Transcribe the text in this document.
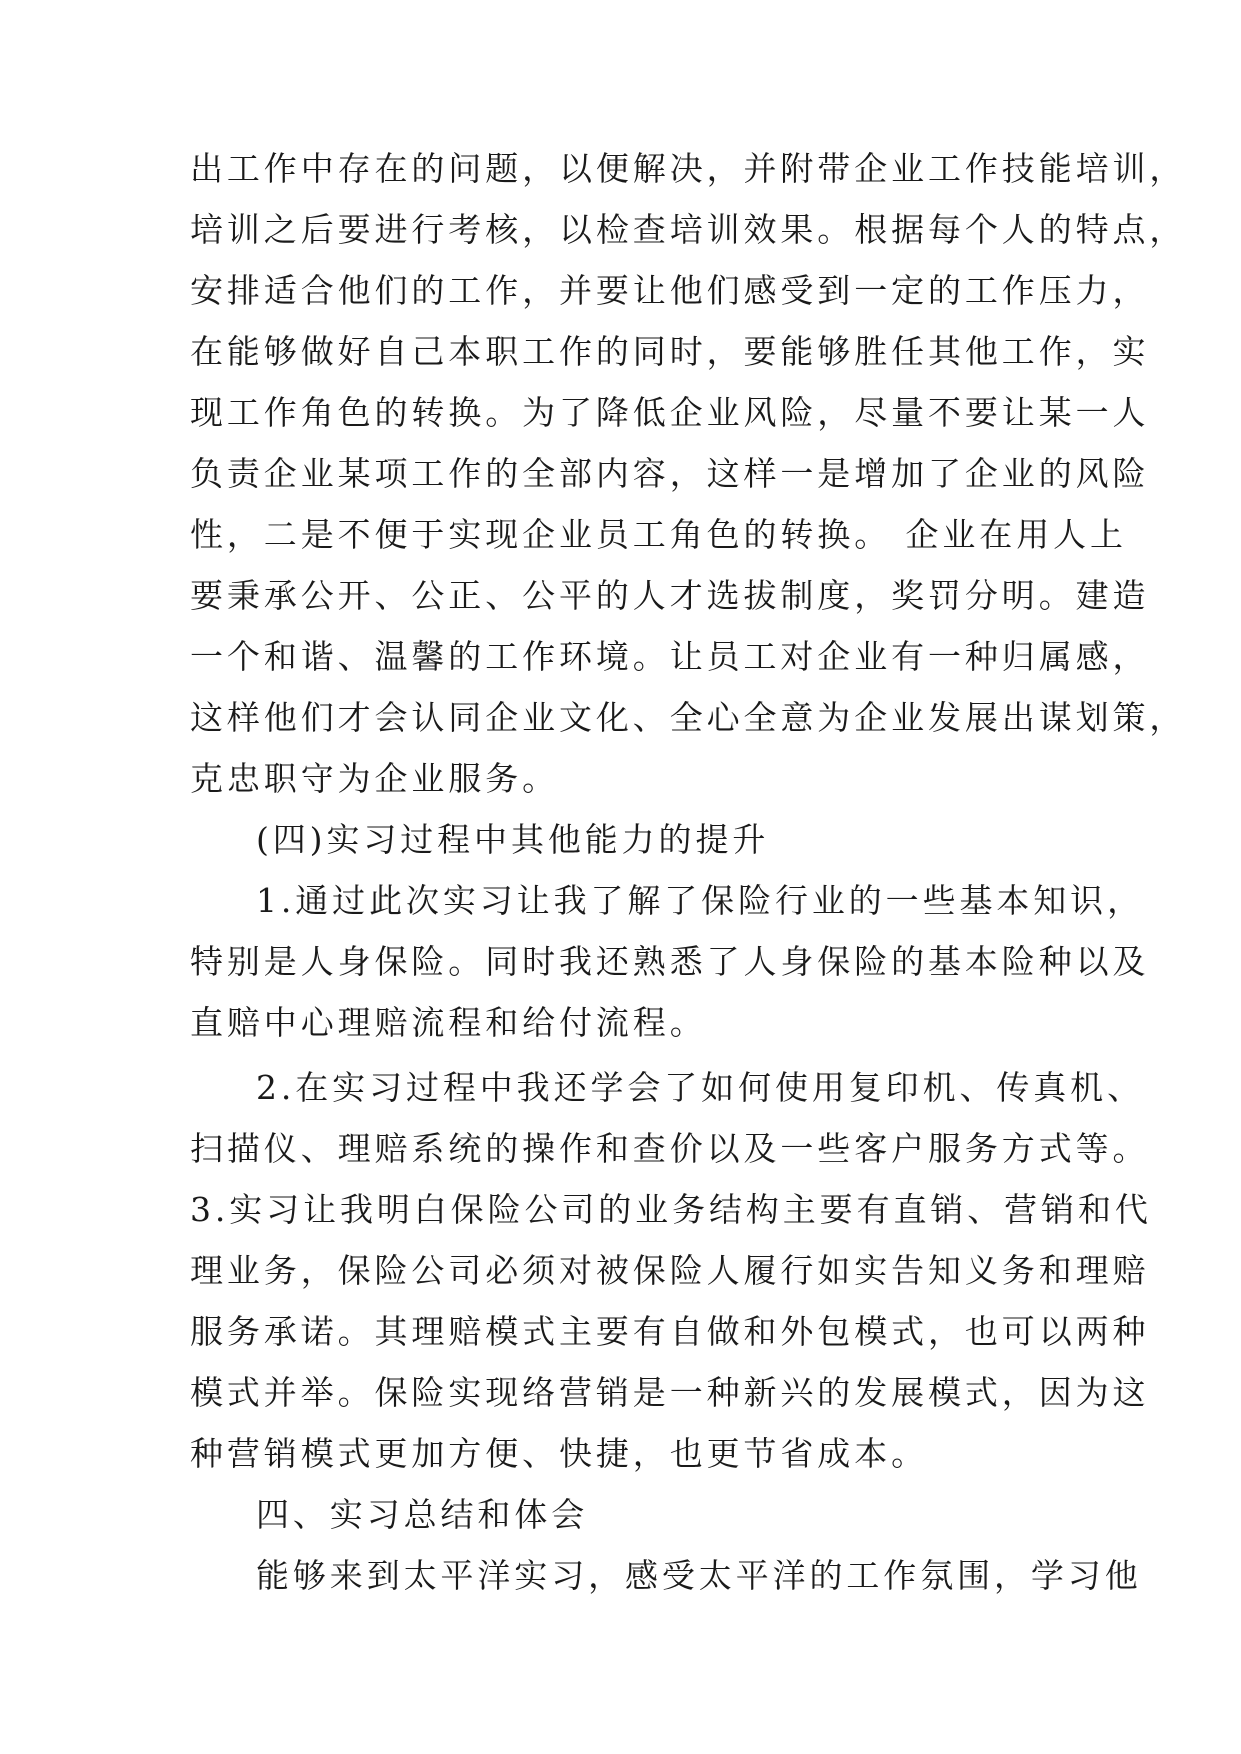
出工作中存在的问题，以便解决，并附带企业工作技能培训，
培训之后要进行考核，以检查培训效果。根据每个人的特点，
安排适合他们的工作，并要让他们感受到一定的工作压力，
在能够做好自己本职工作的同时，要能够胜任其他工作，实
现工作角色的转换。为了降低企业风险，尽量不要让某一人
负责企业某项工作的全部内容，这样一是增加了企业的风险
性，二是不便于实现企业员工角色的转换。 企业在用人上
要秉承公开、公正、公平的人才选拔制度，奖罚分明。建造
一个和谐、温馨的工作环境。让员工对企业有一种归属感，
这样他们才会认同企业文化、全心全意为企业发展出谋划策，
克忠职守为企业服务。
(四)实习过程中其他能力的提升
1.通过此次实习让我了解了保险行业的一些基本知识，
特别是人身保险。同时我还熟悉了人身保险的基本险种以及
直赔中心理赔流程和给付流程。
2.在实习过程中我还学会了如何使用复印机、传真机、
扫描仪、理赔系统的操作和查价以及一些客户服务方式等。
3.实习让我明白保险公司的业务结构主要有直销、营销和代
理业务，保险公司必须对被保险人履行如实告知义务和理赔
服务承诺。其理赔模式主要有自做和外包模式，也可以两种
模式并举。保险实现络营销是一种新兴的发展模式，因为这
种营销模式更加方便、快捷，也更节省成本。
四、实习总结和体会
能够来到太平洋实习，感受太平洋的工作氛围，学习他
